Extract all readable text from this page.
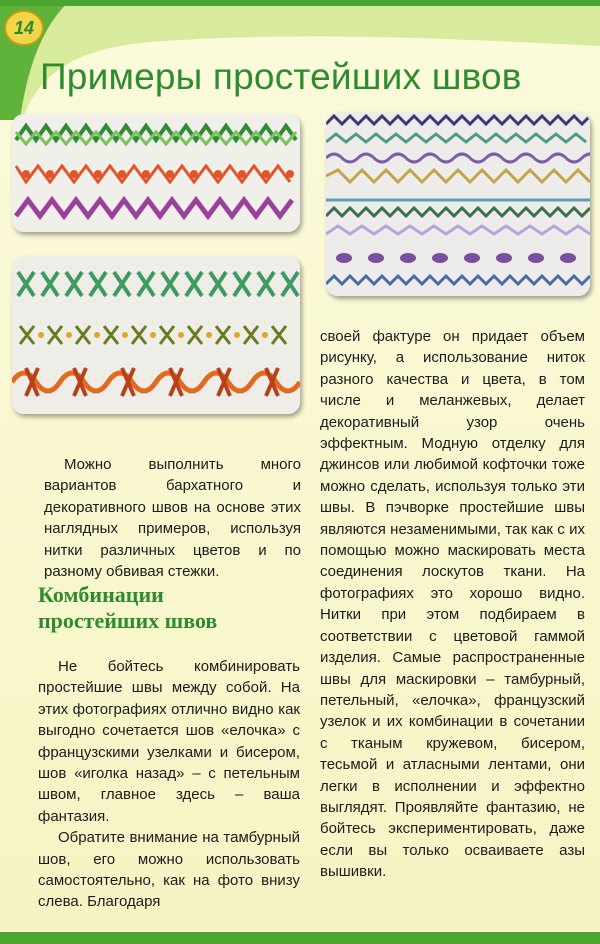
14
Примеры простейших швов

Можно выполнить много вариантов бархатного и декоративного швов на основе этих наглядных примеров, используя нитки различных цветов и по разному обвивая стежки.

Комбинации
простейших швов

Не бойтесь комбинировать простейшие швы между собой. На этих фотографиях отлично видно как выгодно сочетается шов «елочка» с французскими узелками и бисером, шов «иголка назад» – с петельным швом, главное здесь – ваша фантазия.

Обратите внимание на тамбурный шов, его можно использовать самостоятельно, как на фото внизу слева. Благодаря

своей фактуре он придает объем рисунку, а использование ниток разного качества и цвета, в том числе и меланжевых, делает декоративный узор очень эффектным. Модную отделку для джинсов или любимой кофточки тоже можно сделать, используя только эти швы. В пэчворке простейшие швы являются незаменимыми, так как с их помощью можно маскировать места соединения лоскутов ткани. На фотографиях это хорошо видно. Нитки при этом подбираем в соответствии с цветовой гаммой изделия. Самые распространенные швы для маскировки – тамбурный, петельный, «елочка», французский узелок и их комбинации в сочетании с тканым кружевом, бисером, тесьмой и атласными лентами, они легки в исполнении и эффектно выглядят. Проявляйте фантазию, не бойтесь экспериментировать, даже если вы только осваиваете азы вышивки.
